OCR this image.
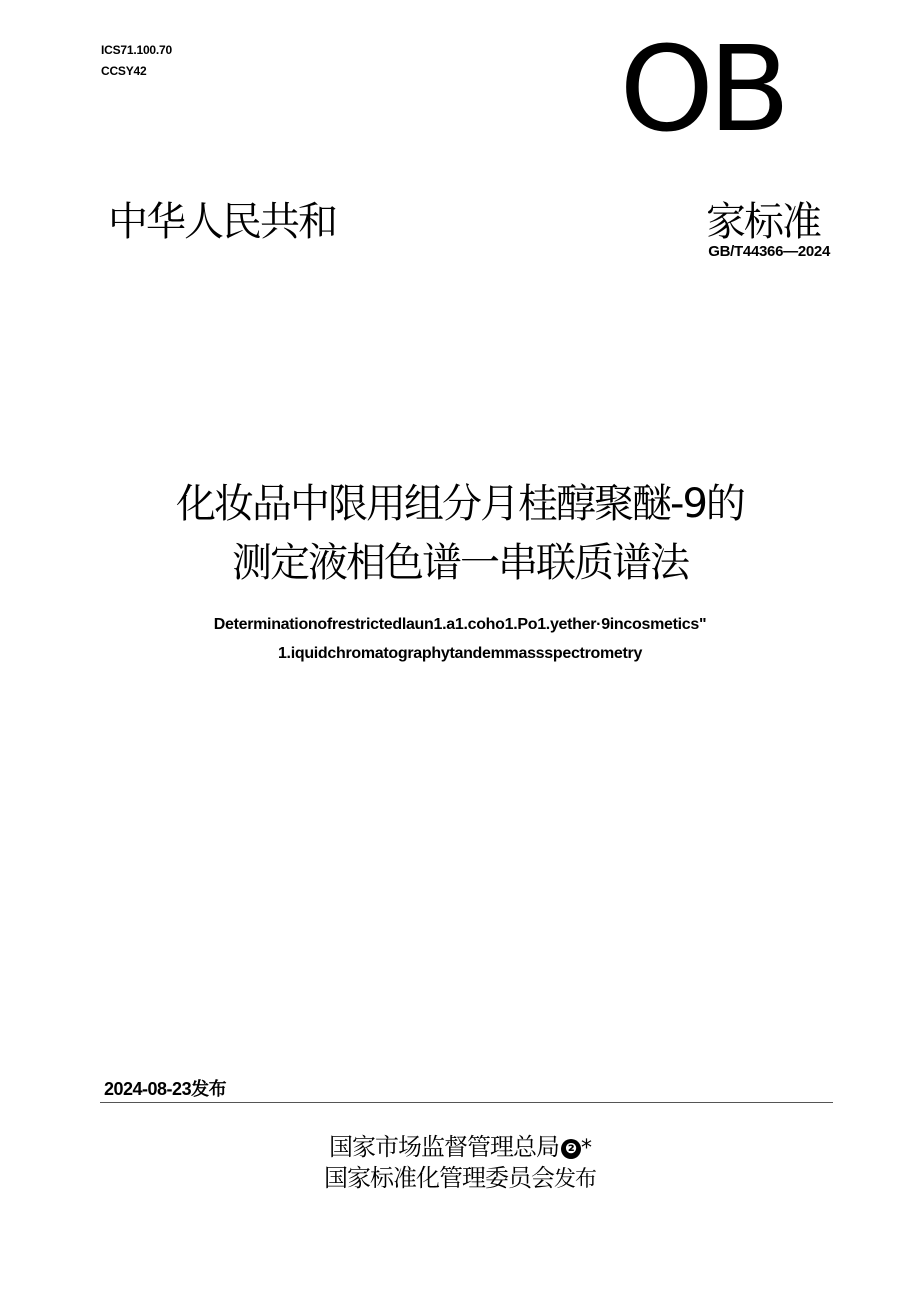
ICS71.100.70
CCSY42	OB
中华人民共和	家标准
GB/T44366—2024
化妆品中限用组分月桂醇聚醚-9的
测定液相色谱一串联质谱法
Determinationofrestrictedlaun1.a1.coho1.Po1.yether·9incosmetics"
1.iquidchromatographytandemmassspectrometry
2024-08-23发布
国家市场监督管理总局 ❷ *
国家标准化管理委员会发布
